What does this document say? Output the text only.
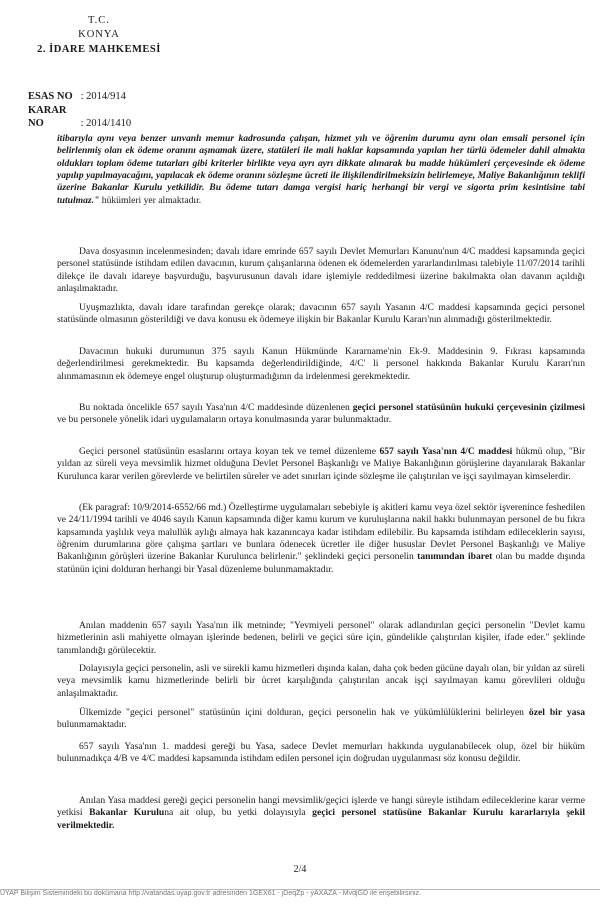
T.C.
KONYA
2. İDARE MAHKEMESİ
ESAS NO : 2014/914
KARAR NO	: 2014/1410

itibarıyla aynı veya benzer unvanlı memur kadrosunda çalışan, hizmet yılı ve öğrenim durumu aynı olan emsali personel için belirlenmiş olan ek ödeme oranını aşmamak üzere, statüleri ile mali haklar kapsamında yapılan her türlü ödemeler dahil almakta oldukları toplam ödeme tutarları gibi kriterler birlikte veya ayrı ayrı dikkate alınarak bu madde hükümleri çerçevesinde ek ödeme yapılıp yapılmayacağını, yapılacak ek ödeme oranını sözleşme ücreti ile ilişkilendirilmeksizin belirlemeye, Maliye Bakanlığının teklifi üzerine Bakanlar Kurulu yetkilidir. Bu ödeme tutarı damga vergisi hariç herhangi bir vergi ve sigorta prim kesintisine tabi tutulmaz." hükümleri yer almaktadır.

Dava dosyasının incelenmesinden; davalı idare emrinde 657 sayılı Devlet Memurları Kanunu'nun 4/C maddesi kapsamında geçici personel statüsünde istihdam edilen davacının, kurum çalışanlarına ödenen ek ödemelerden yararlandırılması talebiyle 11/07/2014 tarihli dilekçe ile davalı idareye başvurduğu, başvurusunun davalı idare işlemiyle reddedilmesi üzerine bakılmakta olan davanın açıldığı anlaşılmaktadır.

Uyuşmazlıkta, davalı idare tarafından gerekçe olarak; davacının 657 sayılı Yasanın 4/C maddesi kapsamında geçici personel statüsünde olmasının gösterildiği ve dava konusu ek ödemeye ilişkin bir Bakanlar Kurulu Kararı'nın alınmadığı gösterilmektedir.

Davacının hukuki durumunun 375 sayılı Kanun Hükmünde Kararname'nin Ek-9. Maddesinin 9. Fıkrası kapsamında değerlendirilmesi gerekmektedir. Bu kapsamda değerlendirildiğinde, 4/C' li personel hakkında Bakanlar Kurulu Kararı'nın alınmamasının ek ödemeye engel oluşturup oluşturmadığının da irdelenmesi gerekmektedir.

Bu noktada öncelikle 657 sayılı Yasa'nın 4/C maddesinde düzenlenen geçici personel statüsünün hukuki çerçevesinin çizilmesi ve bu personele yönelik idari uygulamaların ortaya konulmasında yarar bulunmaktadır.

Geçici personel statüsünün esaslarını ortaya koyan tek ve temel düzenleme 657 sayılı Yasa'nın 4/C maddesi hükmü olup, "Bir yıldan az süreli veya mevsimlik hizmet olduğuna Devlet Personel Başkanlığı ve Maliye Bakanlığının görüşlerine dayanılarak Bakanlar Kurulunca karar verilen görevlerde ve belirtilen süreler ve adet sınırları içinde sözleşme ile çalıştırılan ve işçi sayılmayan kimselerdir.

(Ek paragraf: 10/9/2014-6552/66 md.) Özelleştirme uygulamaları sebebiyle iş akitleri kamu veya özel sektör işverenince feshedilen ve 24/11/1994 tarihli ve 4046 sayılı Kanun kapsamında diğer kamu kurum ve kuruluşlarına nakil hakkı bulunmayan personel de bu fıkra kapsamında yaşlılık veya malullük aylığı almaya hak kazanıncaya kadar istihdam edilebilir. Bu kapsamda istihdam edileceklerin sayısı, öğrenim durumlarına göre çalışma şartları ve bunlara ödenecek ücretler ile diğer hususlar Devlet Personel Başkanlığı ve Maliye Bakanlığının görüşleri üzerine Bakanlar Kurulunca belirlenir." şeklindeki geçici personelin tanımından ibaret olan bu madde dışında statünün içini dolduran herhangi bir Yasal düzenleme bulunmamaktadır.

Anılan maddenin 657 sayılı Yasa'nın ilk metninde; "Yevmiyeli personel" olarak adlandırılan geçici personelin "Devlet kamu hizmetlerinin asli mahiyette olmayan işlerinde bedenen, belirli ve geçici süre için, gündelikle çalıştırılan kişiler, ifade eder." şeklinde tanımlandığı görülecektir.

Dolayısıyla geçici personelin, asli ve sürekli kamu hizmetleri dışında kalan, daha çok beden gücüne dayalı olan, bir yıldan az süreli veya mevsimlik kamu hizmetlerinde belirli bir ücret karşılığında çalıştırılan ancak işçi sayılmayan kamu görevlileri olduğu anlaşılmaktadır.

Ülkemizde "geçici personel" statüsünün içini dolduran, geçici personelin hak ve yükümlülüklerini belirleyen özel bir yasa bulunmamaktadır.

657 sayılı Yasa'nın 1. maddesi gereği bu Yasa, sadece Devlet memurları hakkında uygulanabilecek olup, özel bir hüküm bulunmadıkça 4/B ve 4/C maddesi kapsamında istihdam edilen personel için doğrudan uygulanması söz konusu değildir.

Anılan Yasa maddesi gereği geçici personelin hangi mevsimlik/geçici işlerde ve hangi süreyle istihdam edileceklerine karar verme yetkisi Bakanlar Kuruluna ait olup, bu yetki dolayısıyla geçici personel statüsüne Bakanlar Kurulu kararlarıyla şekil verilmektedir.

2/4
UYAP Bilişim Sistemindeki bu dokümana http://vatandas.uyap.gov.tr adresinden 1GEX61 - jDeqZp - yAXAZA - MvdjGD ile erişebilirsiniz.
